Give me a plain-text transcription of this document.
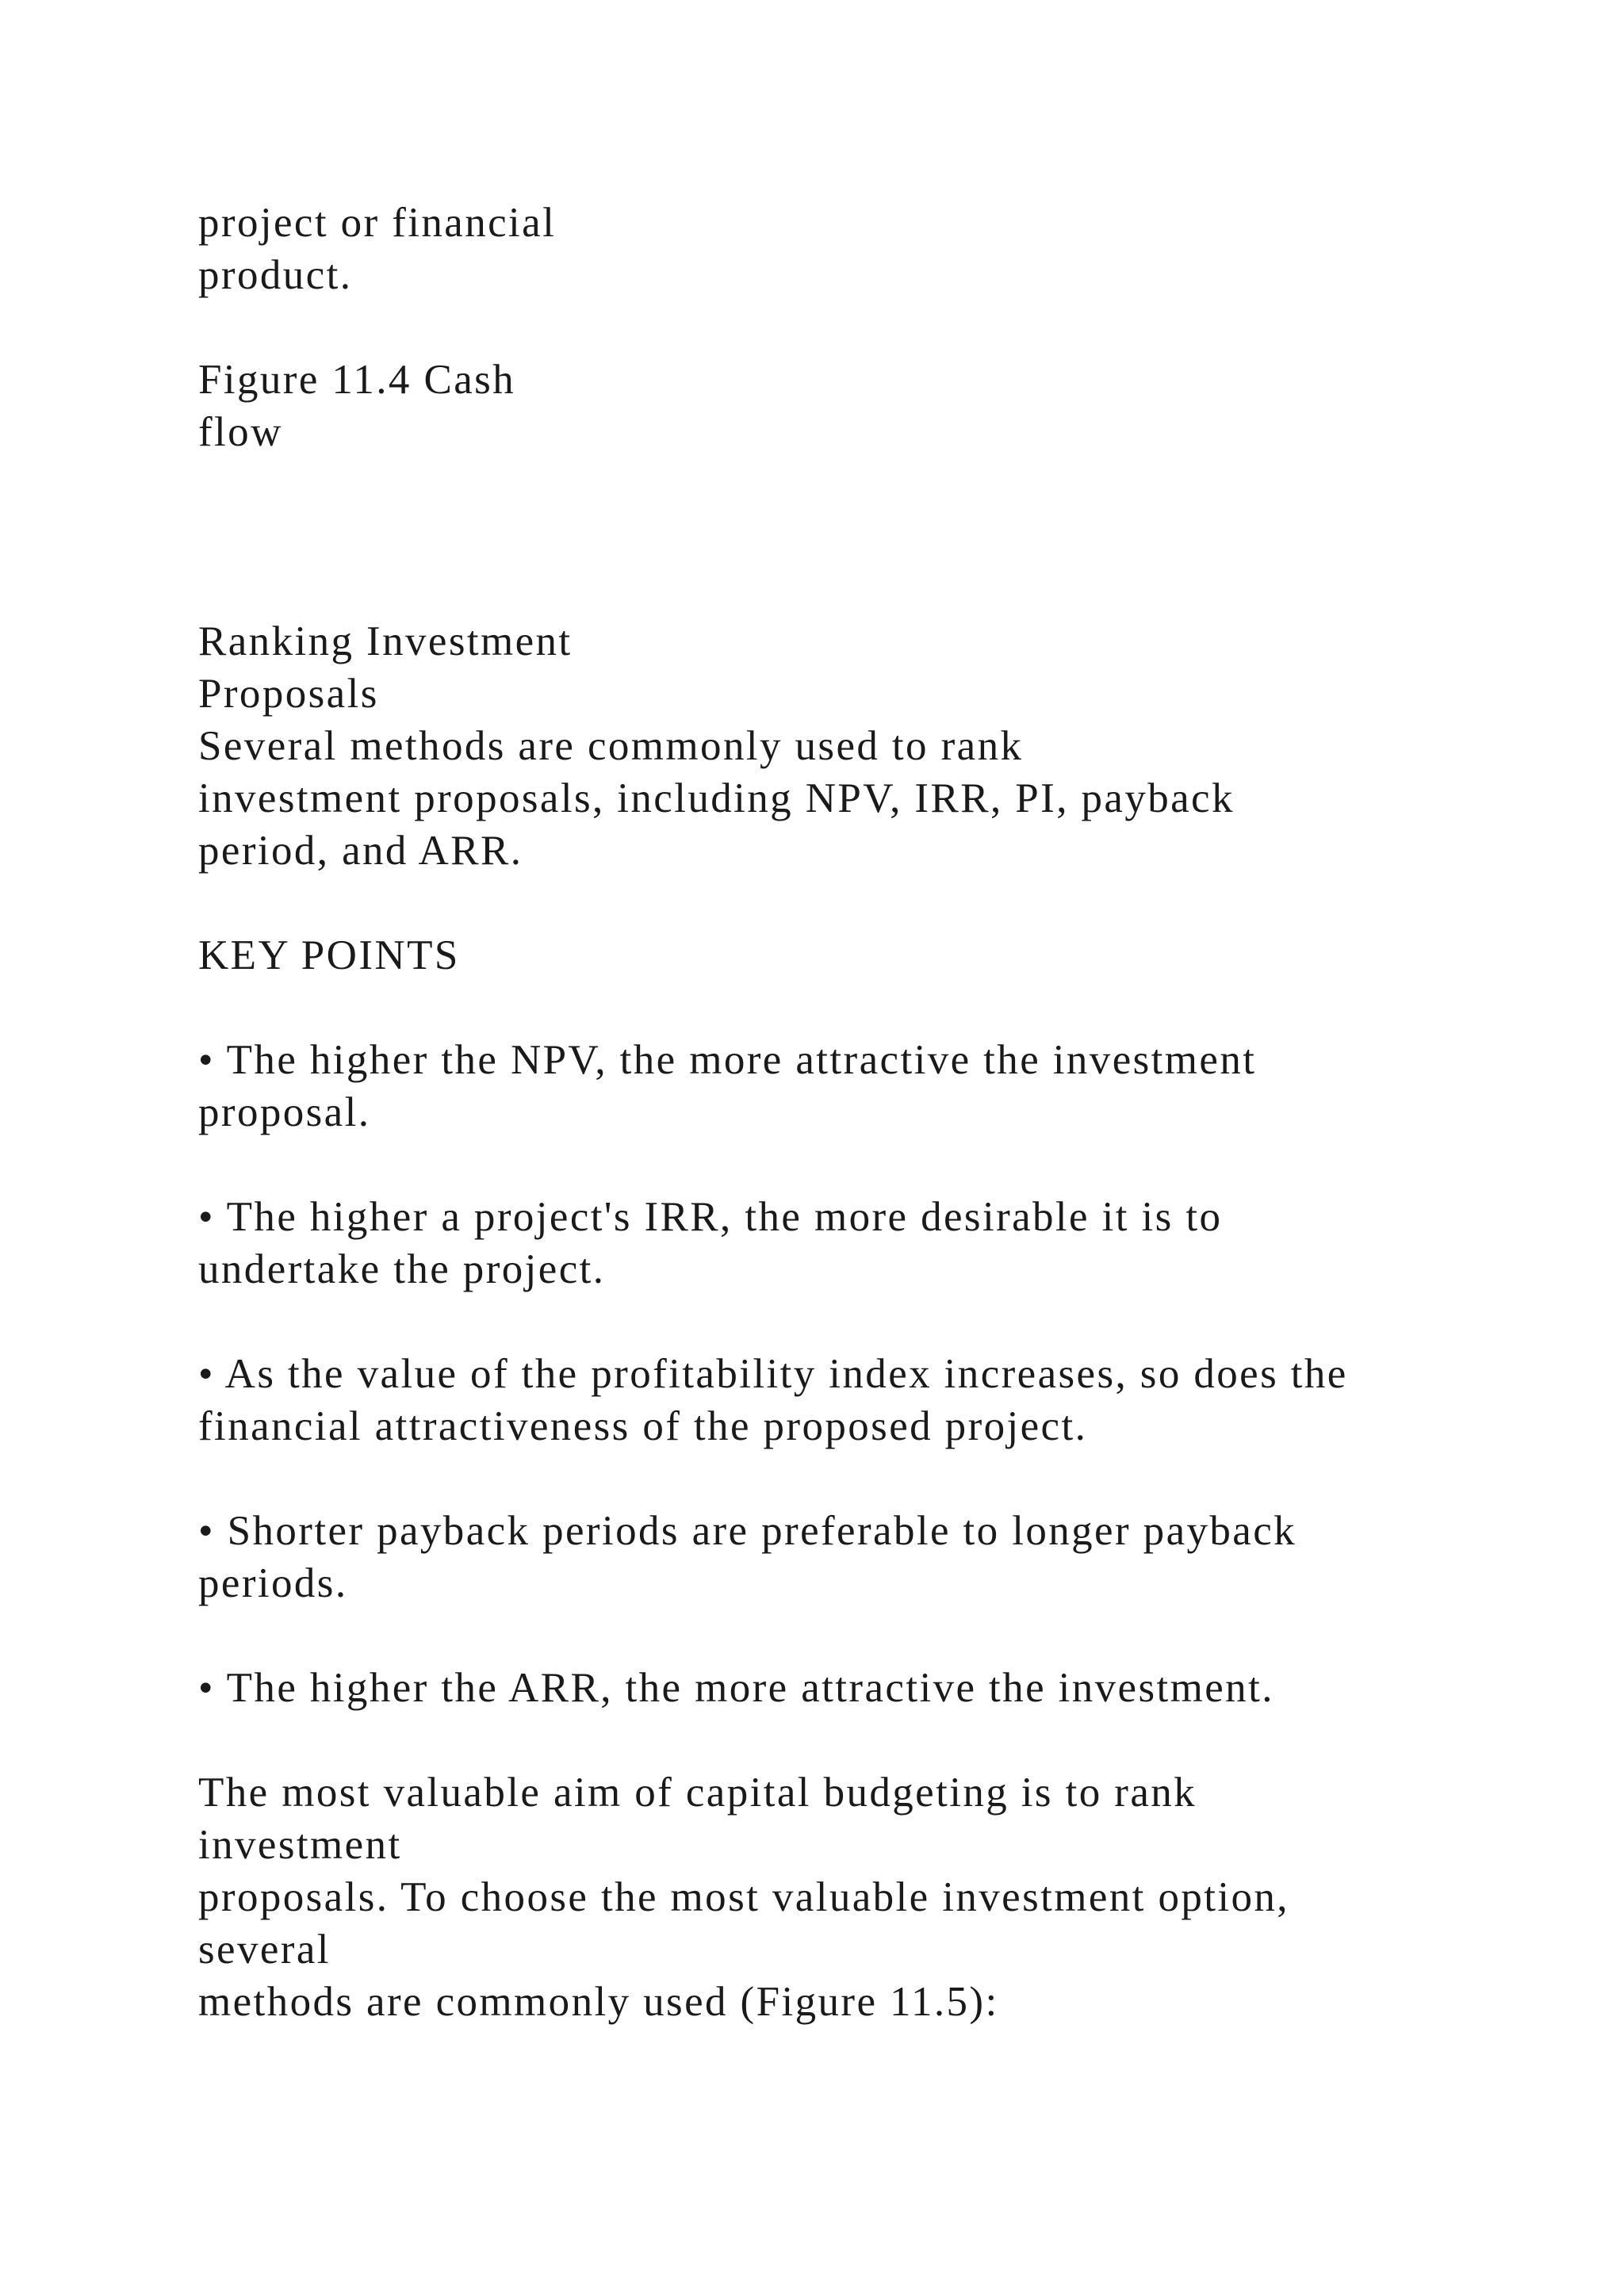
project or financial

product.

Figure 11.4 Cash

flow

Ranking Investment

Proposals

Several methods are commonly used to rank

investment proposals, including NPV, IRR, PI, payback

period, and ARR.

KEY POINTS

• The higher the NPV, the more attractive the investment

proposal.

• The higher a project's IRR, the more desirable it is to

undertake the project.

• As the value of the profitability index increases, so does the

financial attractiveness of the proposed project.

• Shorter payback periods are preferable to longer payback

periods.

• The higher the ARR, the more attractive the investment.

The most valuable aim of capital budgeting is to rank

investment

proposals. To choose the most valuable investment option,

several

methods are commonly used (Figure 11.5):
